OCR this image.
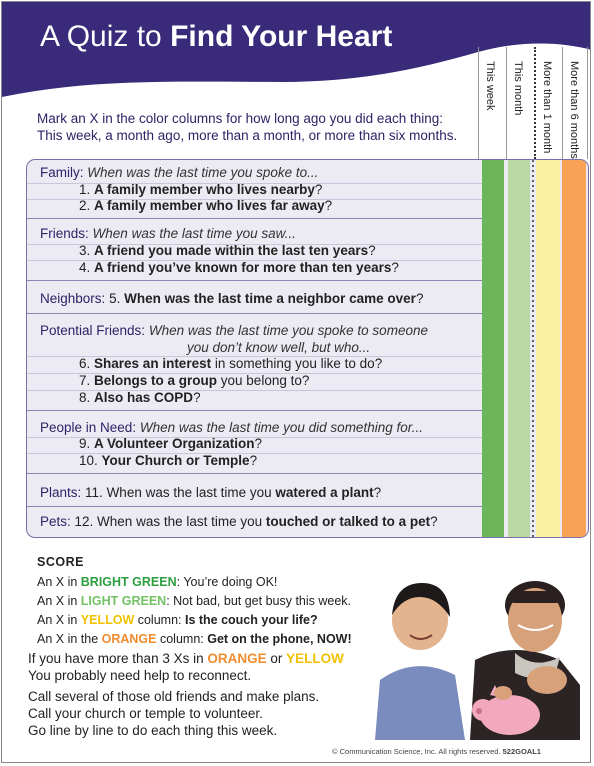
A Quiz to Find Your Heart
Mark an X in the color columns for how long ago you did each thing:
This week, a month ago, more than a month, or more than six months.
This week This month More than 1 month More than 6 months
Family: When was the last time you spoke to...
1. A family member who lives nearby?
2. A family member who lives far away?
Friends: When was the last time you saw...
3. A friend you made within the last ten years?
4. A friend you’ve known for more than ten years?
Neighbors: 5. When was the last time a neighbor came over?
Potential Friends: When was the last time you spoke to someone
you don’t know well, but who...
6. Shares an interest in something you like to do?
7. Belongs to a group you belong to?
8. Also has COPD?
People in Need: When was the last time you did something for...
9. A Volunteer Organization?
10. Your Church or Temple?
Plants: 11. When was the last time you watered a plant?
Pets: 12. When was the last time you touched or talked to a pet?
SCORE
An X in BRIGHT GREEN: You’re doing OK!
An X in LIGHT GREEN: Not bad, but get busy this week.
An X in YELLOW column: Is the couch your life?
An X in the ORANGE column: Get on the phone, NOW!
If you have more than 3 Xs in ORANGE or YELLOW
You probably need help to reconnect.
Call several of those old friends and make plans.
Call your church or temple to volunteer.
Go line by line to do each thing this week.
© Communication Science, Inc. All rights reserved. 522GOAL1
